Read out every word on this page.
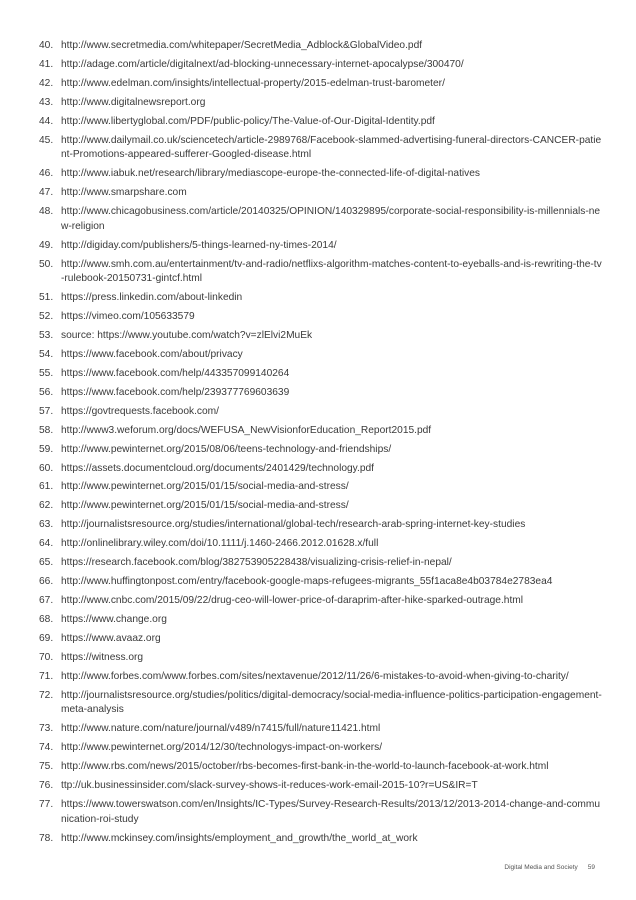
40. http://www.secretmedia.com/whitepaper/SecretMedia_Adblock&GlobalVideo.pdf
41. http://adage.com/article/digitalnext/ad-blocking-unnecessary-internet-apocalypse/300470/
42. http://www.edelman.com/insights/intellectual-property/2015-edelman-trust-barometer/
43. http://www.digitalnewsreport.org
44. http://www.libertyglobal.com/PDF/public-policy/The-Value-of-Our-Digital-Identity.pdf
45. http://www.dailymail.co.uk/sciencetech/article-2989768/Facebook-slammed-advertising-funeral-directors-CANCER-patient-Promotions-appeared-sufferer-Googled-disease.html
46. http://www.iabuk.net/research/library/mediascope-europe-the-connected-life-of-digital-natives
47. http://www.smarpshare.com
48. http://www.chicagobusiness.com/article/20140325/OPINION/140329895/corporate-social-responsibility-is-millennials-new-religion
49. http://digiday.com/publishers/5-things-learned-ny-times-2014/
50. http://www.smh.com.au/entertainment/tv-and-radio/netflixs-algorithm-matches-content-to-eyeballs-and-is-rewriting-the-tv-rulebook-20150731-gintcf.html
51. https://press.linkedin.com/about-linkedin
52. https://vimeo.com/105633579
53. source: https://www.youtube.com/watch?v=zlElvi2MuEk
54. https://www.facebook.com/about/privacy
55. https://www.facebook.com/help/443357099140264
56. https://www.facebook.com/help/239377769603639
57. https://govtrequests.facebook.com/
58. http://www3.weforum.org/docs/WEFUSA_NewVisionforEducation_Report2015.pdf
59. http://www.pewinternet.org/2015/08/06/teens-technology-and-friendships/
60. https://assets.documentcloud.org/documents/2401429/technology.pdf
61. http://www.pewinternet.org/2015/01/15/social-media-and-stress/
62. http://www.pewinternet.org/2015/01/15/social-media-and-stress/
63. http://journalistsresource.org/studies/international/global-tech/research-arab-spring-internet-key-studies
64. http://onlinelibrary.wiley.com/doi/10.1111/j.1460-2466.2012.01628.x/full
65. https://research.facebook.com/blog/382753905228438/visualizing-crisis-relief-in-nepal/
66. http://www.huffingtonpost.com/entry/facebook-google-maps-refugees-migrants_55f1aca8e4b03784e2783ea4
67. http://www.cnbc.com/2015/09/22/drug-ceo-will-lower-price-of-daraprim-after-hike-sparked-outrage.html
68. https://www.change.org
69. https://www.avaaz.org
70. https://witness.org
71. http://www.forbes.com/www.forbes.com/sites/nextavenue/2012/11/26/6-mistakes-to-avoid-when-giving-to-charity/
72. http://journalistsresource.org/studies/politics/digital-democracy/social-media-influence-politics-participation-engagement-meta-analysis
73. http://www.nature.com/nature/journal/v489/n7415/full/nature11421.html
74. http://www.pewinternet.org/2014/12/30/technologys-impact-on-workers/
75. http://www.rbs.com/news/2015/october/rbs-becomes-first-bank-in-the-world-to-launch-facebook-at-work.html
76. ttp://uk.businessinsider.com/slack-survey-shows-it-reduces-work-email-2015-10?r=US&IR=T
77. https://www.towerswatson.com/en/Insights/IC-Types/Survey-Research-Results/2013/12/2013-2014-change-and-communication-roi-study
78. http://www.mckinsey.com/insights/employment_and_growth/the_world_at_work
Digital Media and Society 59
